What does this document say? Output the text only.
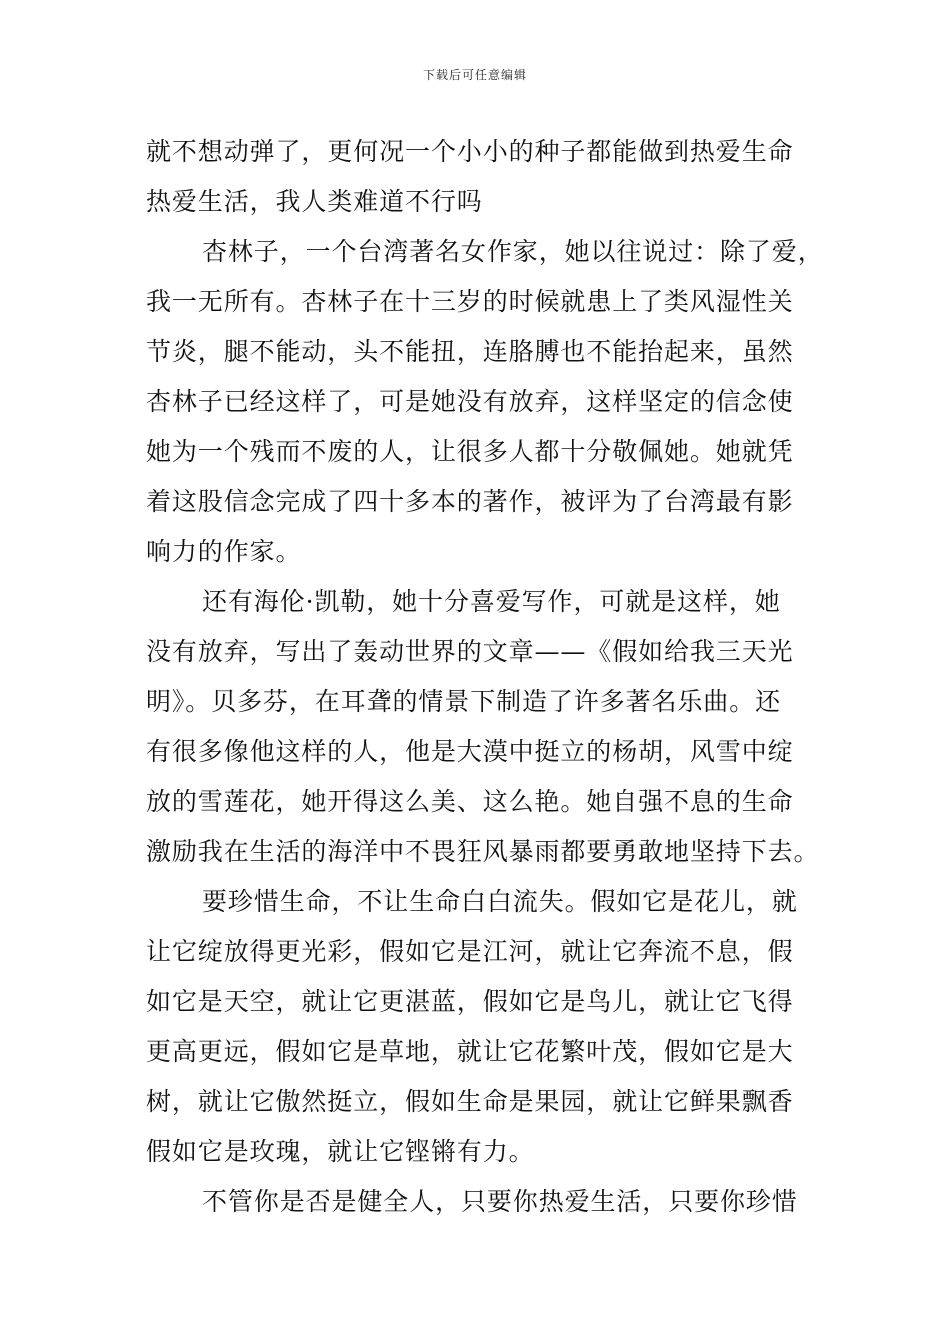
下载后可任意编辑
就不想动弹了，更何况一个小小的种子都能做到热爱生命
热爱生活，我人类难道不行吗
杏林子，一个台湾著名女作家，她以往说过：除了爱，
我一无所有。杏林子在十三岁的时候就患上了类风湿性关
节炎，腿不能动，头不能扭，连胳膊也不能抬起来，虽然
杏林子已经这样了，可是她没有放弃，这样坚定的信念使
她为一个残而不废的人，让很多人都十分敬佩她。她就凭
着这股信念完成了四十多本的著作，被评为了台湾最有影
响力的作家。
还有海伦·凯勒，她十分喜爱写作，可就是这样，她
没有放弃，写出了轰动世界的文章——《假如给我三天光
明》。贝多芬，在耳聋的情景下制造了许多著名乐曲。还
有很多像他这样的人，他是大漠中挺立的杨胡，风雪中绽
放的雪莲花，她开得这么美、这么艳。她自强不息的生命
激励我在生活的海洋中不畏狂风暴雨都要勇敢地坚持下去。
要珍惜生命，不让生命白白流失。假如它是花儿，就
让它绽放得更光彩，假如它是江河，就让它奔流不息，假
如它是天空，就让它更湛蓝，假如它是鸟儿，就让它飞得
更高更远，假如它是草地，就让它花繁叶茂，假如它是大
树，就让它傲然挺立，假如生命是果园，就让它鲜果飘香
假如它是玫瑰，就让它铿锵有力。
不管你是否是健全人，只要你热爱生活，只要你珍惜
